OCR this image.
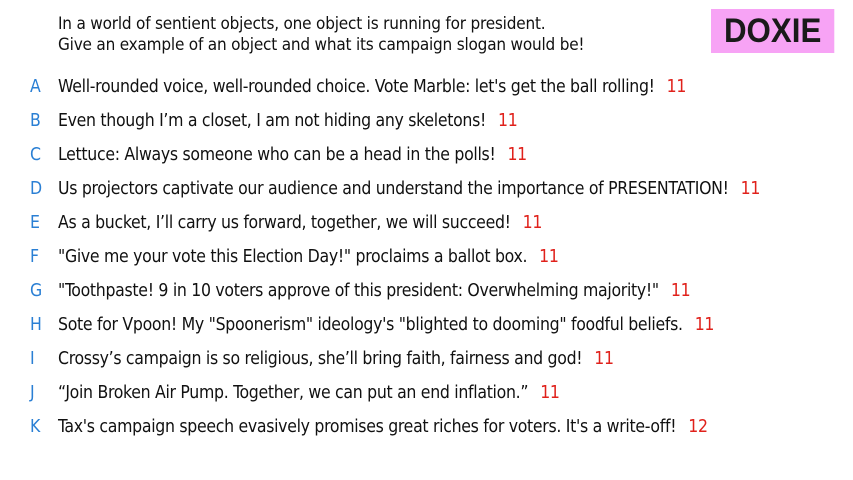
In a world of sentient objects, one object is running for president.
Give an example of an object and what its campaign slogan would be!	DOXIE
A Well-rounded voice, well-rounded choice. Vote Marble: let's get the ball rolling! 11
B Even though I’m a closet, I am not hiding any skeletons! 11
C Lettuce: Always someone who can be a head in the polls! 11
D Us projectors captivate our audience and understand the importance of PRESENTATION! 11
E As a bucket, I’ll carry us forward, together, we will succeed! 11
F "Give me your vote this Election Day!" proclaims a ballot box. 11
G "Toothpaste! 9 in 10 voters approve of this president: Overwhelming majority!" 11
H Sote for Vpoon! My "Spoonerism" ideology's "blighted to dooming" foodful beliefs. 11
I Crossy’s campaign is so religious, she’ll bring faith, fairness and god! 11
J “Join Broken Air Pump. Together, we can put an end inflation.” 11
K Tax's campaign speech evasively promises great riches for voters. It's a write-off! 12
